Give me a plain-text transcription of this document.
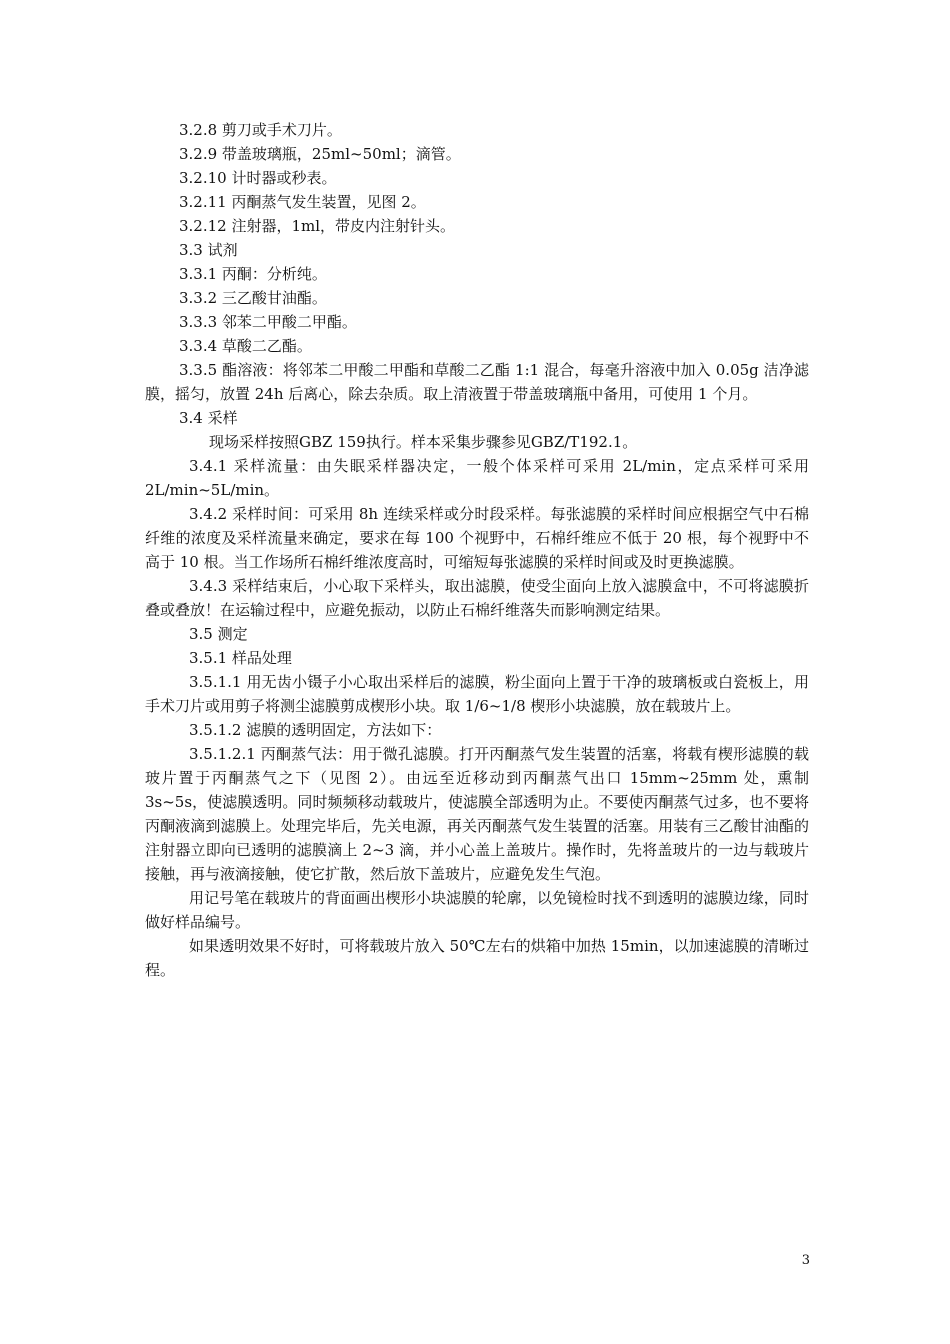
3.2.8 剪刀或手术刀片。

3.2.9 带盖玻璃瓶，25ml~50ml；滴管。

3.2.10 计时器或秒表。

3.2.11 丙酮蒸气发生装置，见图 2。

3.2.12 注射器，1ml，带皮内注射针头。

3.3 试剂

3.3.1 丙酮：分析纯。

3.3.2 三乙酸甘油酯。

3.3.3 邻苯二甲酸二甲酯。

3.3.4 草酸二乙酯。

3.3.5 酯溶液：将邻苯二甲酸二甲酯和草酸二乙酯 1:1 混合，每毫升溶液中加入 0.05g 洁净滤膜，摇匀，放置 24h 后离心，除去杂质。取上清液置于带盖玻璃瓶中备用，可使用 1 个月。

3.4 采样

现场采样按照GBZ 159执行。样本采集步骤参见GBZ/T192.1。

3.4.1 采样流量：由失眠采样器决定，一般个体采样可采用 2L/min，定点采样可采用 2L/min~5L/min。

3.4.2 采样时间：可采用 8h 连续采样或分时段采样。每张滤膜的采样时间应根据空气中石棉纤维的浓度及采样流量来确定，要求在每 100 个视野中，石棉纤维应不低于 20 根，每个视野中不高于 10 根。当工作场所石棉纤维浓度高时，可缩短每张滤膜的采样时间或及时更换滤膜。

3.4.3 采样结束后，小心取下采样头，取出滤膜，使受尘面向上放入滤膜盒中，不可将滤膜折叠或叠放！在运输过程中，应避免振动，以防止石棉纤维落失而影响测定结果。

3.5 测定

3.5.1 样品处理

3.5.1.1 用无齿小镊子小心取出采样后的滤膜，粉尘面向上置于干净的玻璃板或白瓷板上，用手术刀片或用剪子将测尘滤膜剪成楔形小块。取 1/6~1/8 楔形小块滤膜，放在载玻片上。

3.5.1.2 滤膜的透明固定，方法如下：

3.5.1.2.1 丙酮蒸气法：用于微孔滤膜。打开丙酮蒸气发生装置的活塞，将载有楔形滤膜的载玻片置于丙酮蒸气之下（见图 2）。由远至近移动到丙酮蒸气出口 15mm~25mm 处，熏制 3s~5s，使滤膜透明。同时频频移动载玻片，使滤膜全部透明为止。不要使丙酮蒸气过多，也不要将丙酮液滴到滤膜上。处理完毕后，先关电源，再关丙酮蒸气发生装置的活塞。用装有三乙酸甘油酯的注射器立即向已透明的滤膜滴上 2~3 滴，并小心盖上盖玻片。操作时，先将盖玻片的一边与载玻片接触，再与液滴接触，使它扩散，然后放下盖玻片，应避免发生气泡。

用记号笔在载玻片的背面画出楔形小块滤膜的轮廓，以免镜检时找不到透明的滤膜边缘，同时做好样品编号。

如果透明效果不好时，可将载玻片放入 50℃左右的烘箱中加热 15min，以加速滤膜的清晰过程。

3
